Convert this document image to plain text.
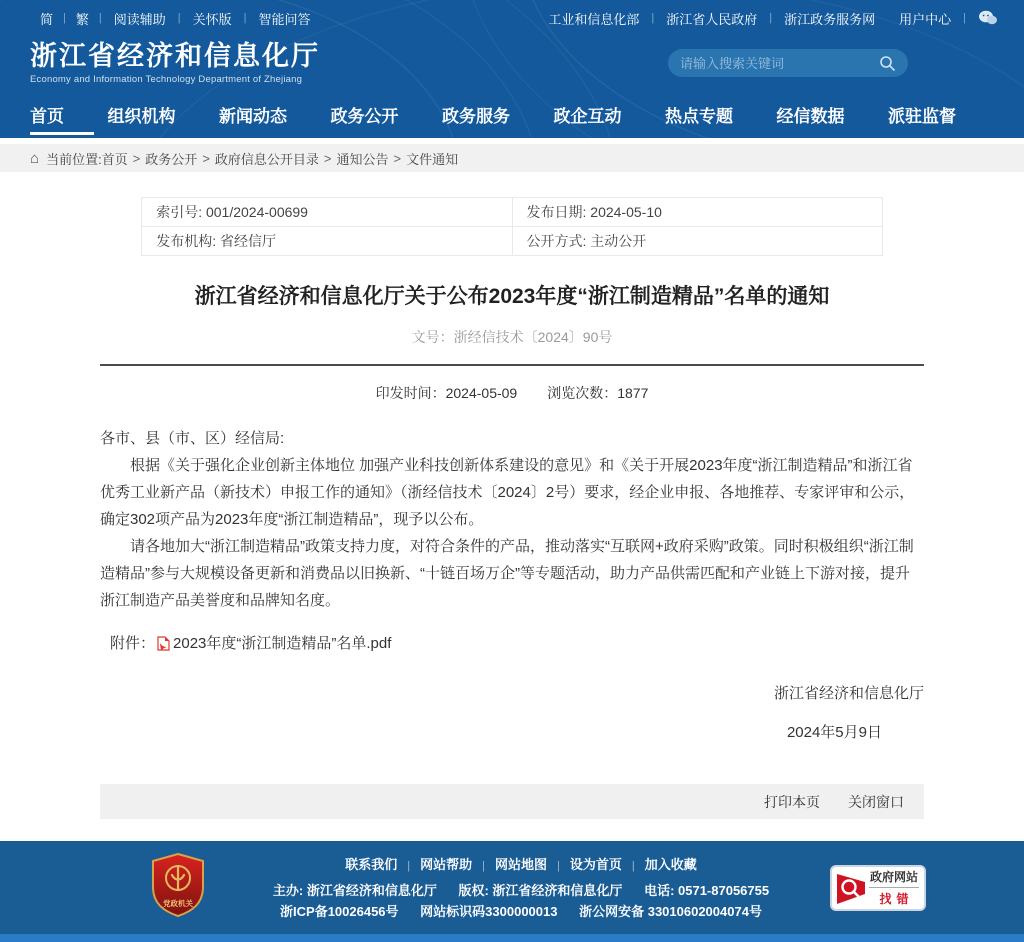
简 | 繁 | 阅读辅助	| 关怀版	| 智能问答	工业和信息化部	| 浙江省人民政府	| 浙江政务服务网	用户中心	|
浙江省经济和信息化厅
Economy and Information Technology Department of Zhejiang
请输入搜索关键词
首页	组织机构	新闻动态	政务公开	政务服务	政企互动	热点专题	经信数据	派驻监督
⌂ 当前位置: 首页 > 政务公开 > 政府信息公开目录 > 通知公告 > 文件通知
索引号: 001/2024-00699	发布日期: 2024-05-10
发布机构: 省经信厅	公开方式: 主动公开
浙江省经济和信息化厅关于公布2023年度“浙江制造精品”名单的通知
文号：浙经信技术〔2024〕90号
印发时间：2024-05-09 浏览次数：1877

各市、县（市、区）经信局:

根据《关于强化企业创新主体地位 加强产业科技创新体系建设的意见》和《关于开展2023年度“浙江制造精品”和浙江省优秀工业新产品（新技术）申报工作的通知》（浙经信技术〔2024〕2号）要求，经企业申报、各地推荐、专家评审和公示，确定302项产品为2023年度“浙江制造精品”，现予以公布。

请各地加大“浙江制造精品”政策支持力度，对符合条件的产品，推动落实“互联网+政府采购”政策。同时积极组织“浙江制造精品”参与大规模设备更新和消费品以旧换新、“十链百场万企”等专题活动，助力产品供需匹配和产业链上下游对接，提升浙江制造产品美誉度和品牌知名度。

附件： 2023年度“浙江制造精品”名单.pdf
浙江省经济和信息化厅
2024年5月9日
打印本页 关闭窗口
党政机关
联系我们 | 网站帮助 | 网站地图 | 设为首页 | 加入收藏
主办: 浙江省经济和信息化厅 版权: 浙江省经济和信息化厅 电话: 0571-87056755
浙ICP备10026456号 网站标识码3300000013 浙公网安备 33010602004074号
政府网站
找错
